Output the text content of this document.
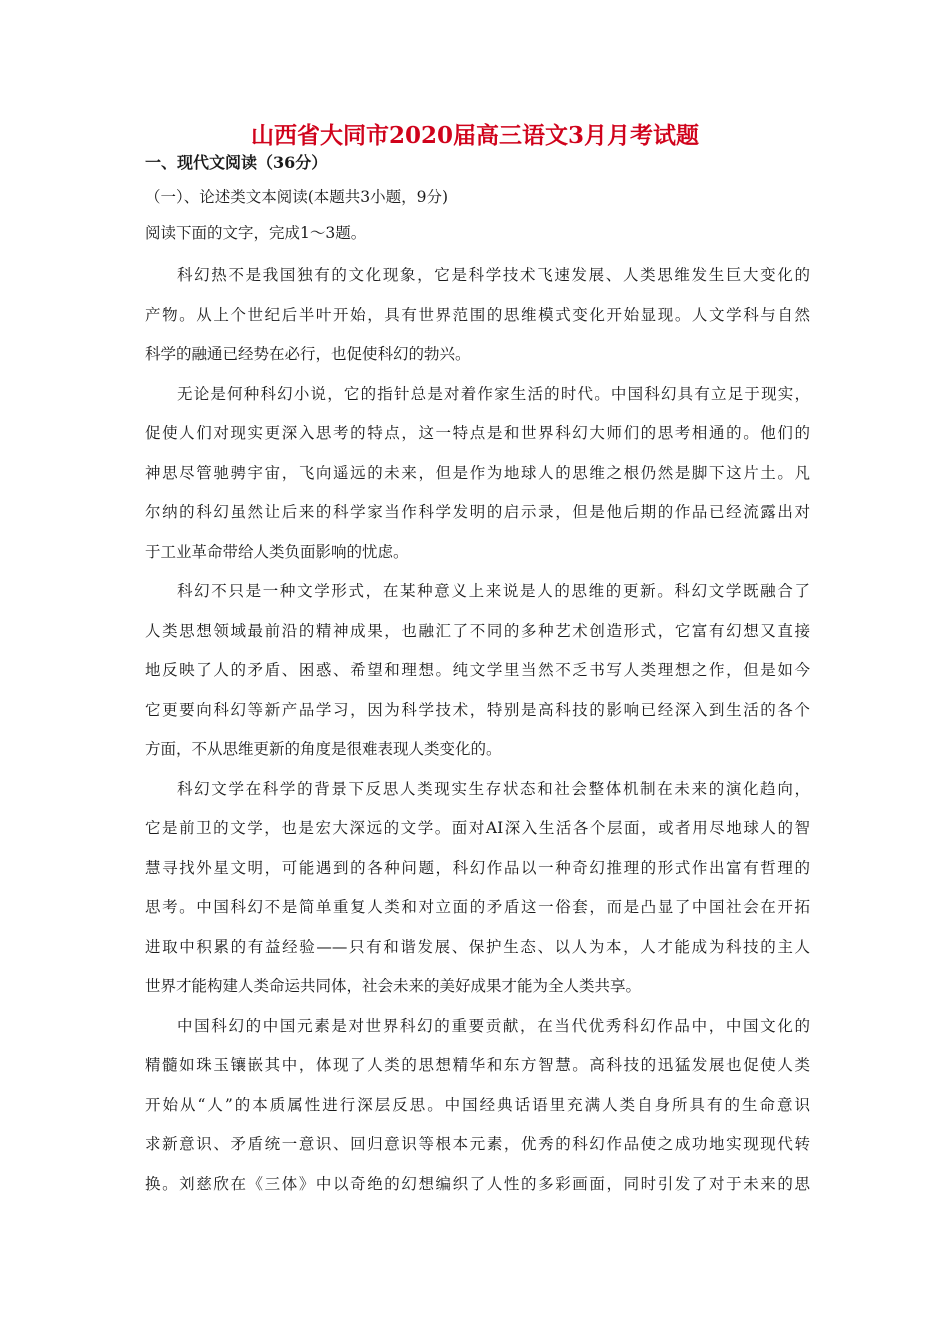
山西省大同市2020届高三语文3月月考试题
一、现代文阅读（36分）
（一）、论述类文本阅读(本题共3小题，9分)
阅读下面的文字，完成1～3题。
科幻热不是我国独有的文化现象，它是科学技术飞速发展、人类思维发生巨大变化的
产物。从上个世纪后半叶开始，具有世界范围的思维模式变化开始显现。人文学科与自然
科学的融通已经势在必行，也促使科幻的勃兴。
无论是何种科幻小说，它的指针总是对着作家生活的时代。中国科幻具有立足于现实，
促使人们对现实更深入思考的特点，这一特点是和世界科幻大师们的思考相通的。他们的
神思尽管驰骋宇宙，飞向遥远的未来，但是作为地球人的思维之根仍然是脚下这片土。凡
尔纳的科幻虽然让后来的科学家当作科学发明的启示录，但是他后期的作品已经流露出对
于工业革命带给人类负面影响的忧虑。
科幻不只是一种文学形式，在某种意义上来说是人的思维的更新。科幻文学既融合了
人类思想领域最前沿的精神成果，也融汇了不同的多种艺术创造形式，它富有幻想又直接
地反映了人的矛盾、困惑、希望和理想。纯文学里当然不乏书写人类理想之作，但是如今
它更要向科幻等新产品学习，因为科学技术，特别是高科技的影响已经深入到生活的各个
方面，不从思维更新的角度是很难表现人类变化的。
科幻文学在科学的背景下反思人类现实生存状态和社会整体机制在未来的演化趋向，
它是前卫的文学，也是宏大深远的文学。面对AI深入生活各个层面，或者用尽地球人的智
慧寻找外星文明，可能遇到的各种问题，科幻作品以一种奇幻推理的形式作出富有哲理的
思考。中国科幻不是简单重复人类和对立面的矛盾这一俗套，而是凸显了中国社会在开拓
进取中积累的有益经验——只有和谐发展、保护生态、以人为本，人才能成为科技的主人
世界才能构建人类命运共同体，社会未来的美好成果才能为全人类共享。
中国科幻的中国元素是对世界科幻的重要贡献，在当代优秀科幻作品中，中国文化的
精髓如珠玉镶嵌其中，体现了人类的思想精华和东方智慧。高科技的迅猛发展也促使人类
开始从“人”的本质属性进行深层反思。中国经典话语里充满人类自身所具有的生命意识
求新意识、矛盾统一意识、回归意识等根本元素，优秀的科幻作品使之成功地实现现代转
换。刘慈欣在《三体》中以奇绝的幻想编织了人性的多彩画面，同时引发了对于未来的思
